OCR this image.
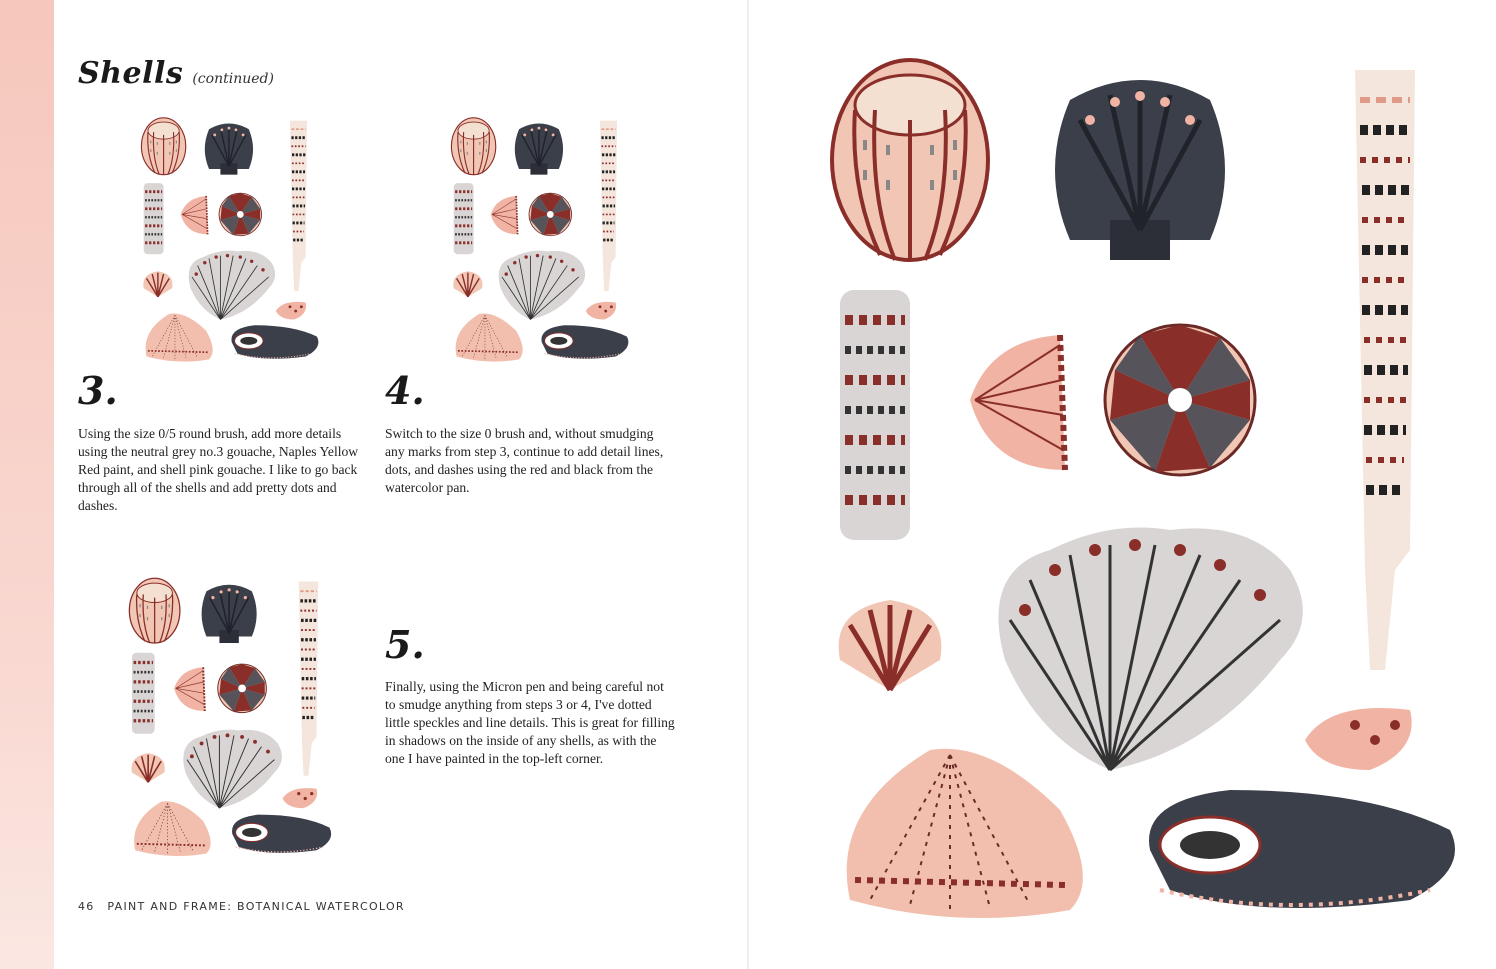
Shells (continued)
3.
Using the size 0/5 round brush, add more details using the neutral grey no.3 gouache, Naples Yellow Red paint, and shell pink gouache. I like to go back through all of the shells and add pretty dots and dashes.
4.
Switch to the size 0 brush and, without smudging any marks from step 3, continue to add detail lines, dots, and dashes using the red and black from the watercolor pan.
5.
Finally, using the Micron pen and being careful not to smudge anything from steps 3 or 4, I've dotted little speckles and line details. This is great for filling in shadows on the inside of any shells, as with the one I have painted in the top-left corner.
46 PAINT AND FRAME: BOTANICAL WATERCOLOR
